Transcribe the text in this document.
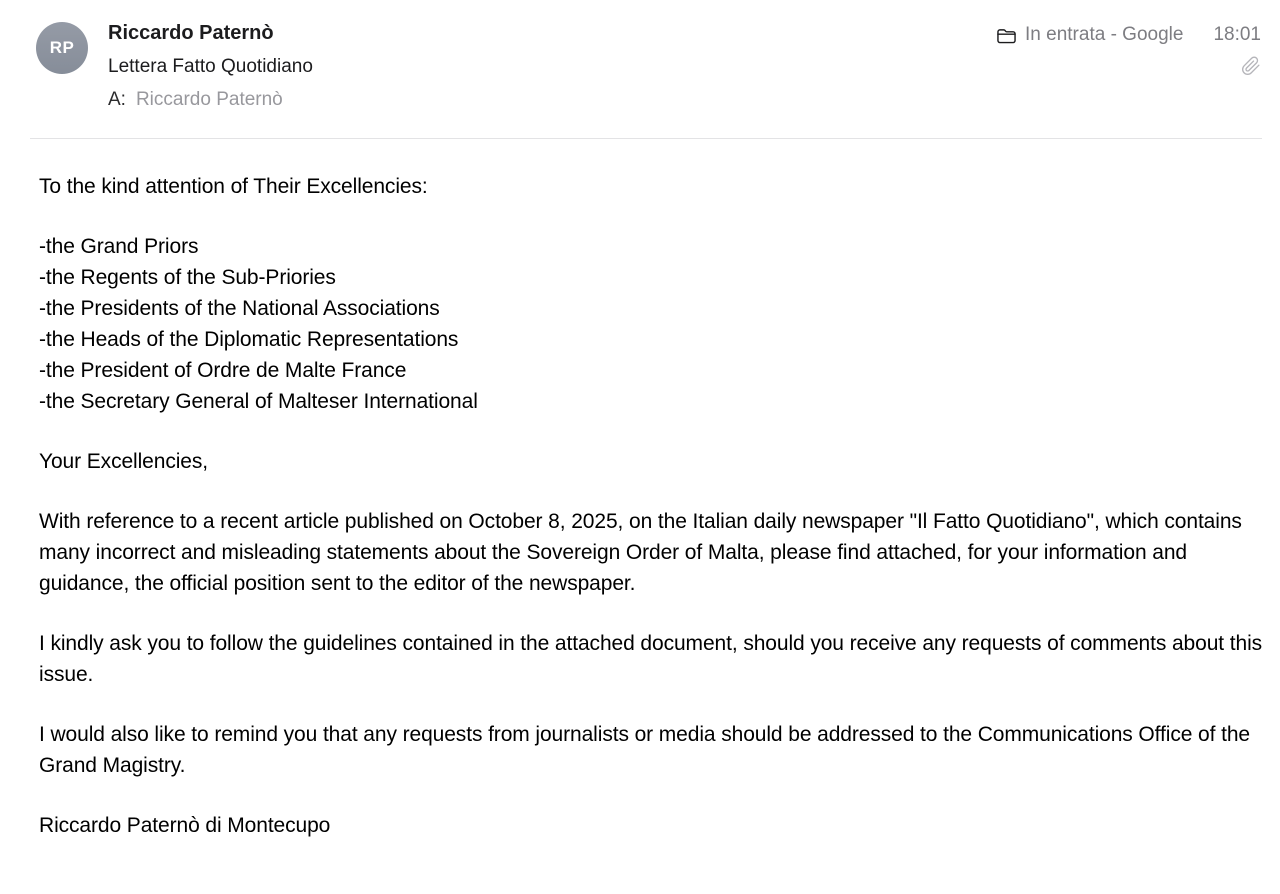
RP
Riccardo Paternò
Lettera Fatto Quotidiano
A: Riccardo Paternò
In entrata - Google 18:01
To the kind attention of Their Excellencies:
-the Grand Priors
-the Regents of the Sub-Priories
-the Presidents of the National Associations
-the Heads of the Diplomatic Representations
-the President of Ordre de Malte France
-the Secretary General of Malteser International
Your Excellencies,
With reference to a recent article published on October 8, 2025, on the Italian daily newspaper "Il Fatto Quotidiano", which contains many incorrect and misleading statements about the Sovereign Order of Malta, please find attached, for your information and guidance, the official position sent to the editor of the newspaper.
I kindly ask you to follow the guidelines contained in the attached document, should you receive any requests of comments about this issue.
I would also like to remind you that any requests from journalists or media should be addressed to the Communications Office of the Grand Magistry.
Riccardo Paternò di Montecupo
